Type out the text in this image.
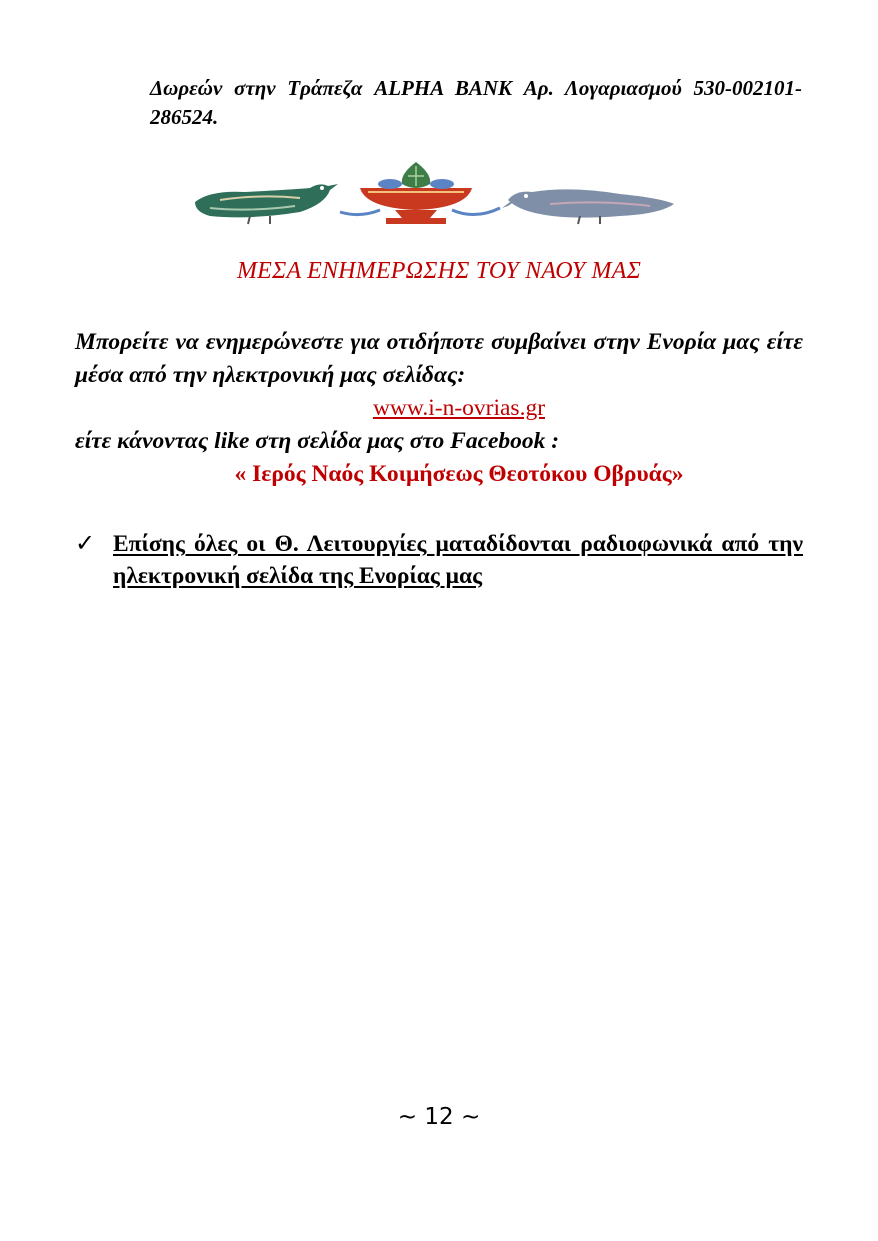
Δωρεών στην Τράπεζα ALPHA BANK Αρ. Λογαριασμού 530-002101-286524.
ΜΕΣΑ ΕΝΗΜΕΡΩΣΗΣ ΤΟΥ ΝΑΟΥ ΜΑΣ
Μπορείτε να ενημερώνεστε για οτιδήποτε συμβαίνει στην Ενορία μας είτε μέσα από την ηλεκτρονική μας σελίδας:
www.i-n-ovrias.gr
είτε κάνοντας like στη σελίδα μας στο Facebook :
« Ιερός Ναός Κοιμήσεως Θεοτόκου Οβρυάς»
✓ Επίσης όλες οι Θ. Λειτουργίες ματαδίδονται ραδιοφωνικά από την ηλεκτρονική σελίδα της Ενορίας μας
~ 12 ~
